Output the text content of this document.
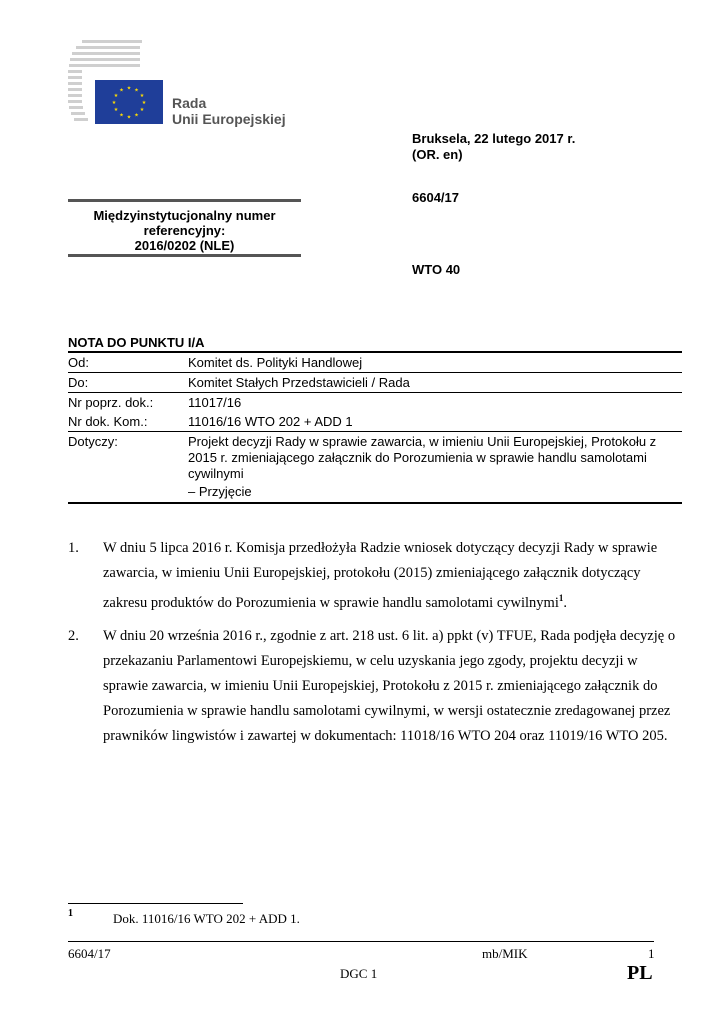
★ ★
★
★
★
★
★
★
★
★
★
★
Rada
Unii Europejskiej
Bruksela, 22 lutego 2017 r.
(OR. en)
6604/17
Międzyinstytucjonalny numer
referencyjny:
2016/0202 (NLE)
WTO 40
NOTA DO PUNKTU I/A
Od:	Komitet ds. Polityki Handlowej
Do:	Komitet Stałych Przedstawicieli / Rada
Nr poprz. dok.:	11017/16
Nr dok. Kom.:	11016/16 WTO 202 + ADD 1
Dotyczy:	Projekt decyzji Rady w sprawie zawarcia, w imieniu Unii Europejskiej, Protokołu z 2015 r. zmieniającego załącznik do Porozumienia w sprawie handlu samolotami cywilnymi
– Przyjęcie
1. W dniu 5 lipca 2016 r. Komisja przedłożyła Radzie wniosek dotyczący decyzji Rady w sprawie zawarcia, w imieniu Unii Europejskiej, protokołu (2015) zmieniającego załącznik dotyczący zakresu produktów do Porozumienia w sprawie handlu samolotami cywilnymi$^1$.
2. W dniu 20 września 2016 r., zgodnie z art. 218 ust. 6 lit. a) ppkt (v) TFUE, Rada podjęła decyzję o przekazaniu Parlamentowi Europejskiemu, w celu uzyskania jego zgody, projektu decyzji w sprawie zawarcia, w imieniu Unii Europejskiej, Protokołu z 2015 r. zmieniającego załącznik do Porozumienia w sprawie handlu samolotami cywilnymi, w wersji ostatecznie zredagowanej przez prawników lingwistów i zawartej w dokumentach: 11018/16 WTO 204 oraz 11019/16 WTO 205.
1	Dok. 11016/16 WTO 202 + ADD 1.
6604/17	mb/MIK	1
DGC 1	PL
